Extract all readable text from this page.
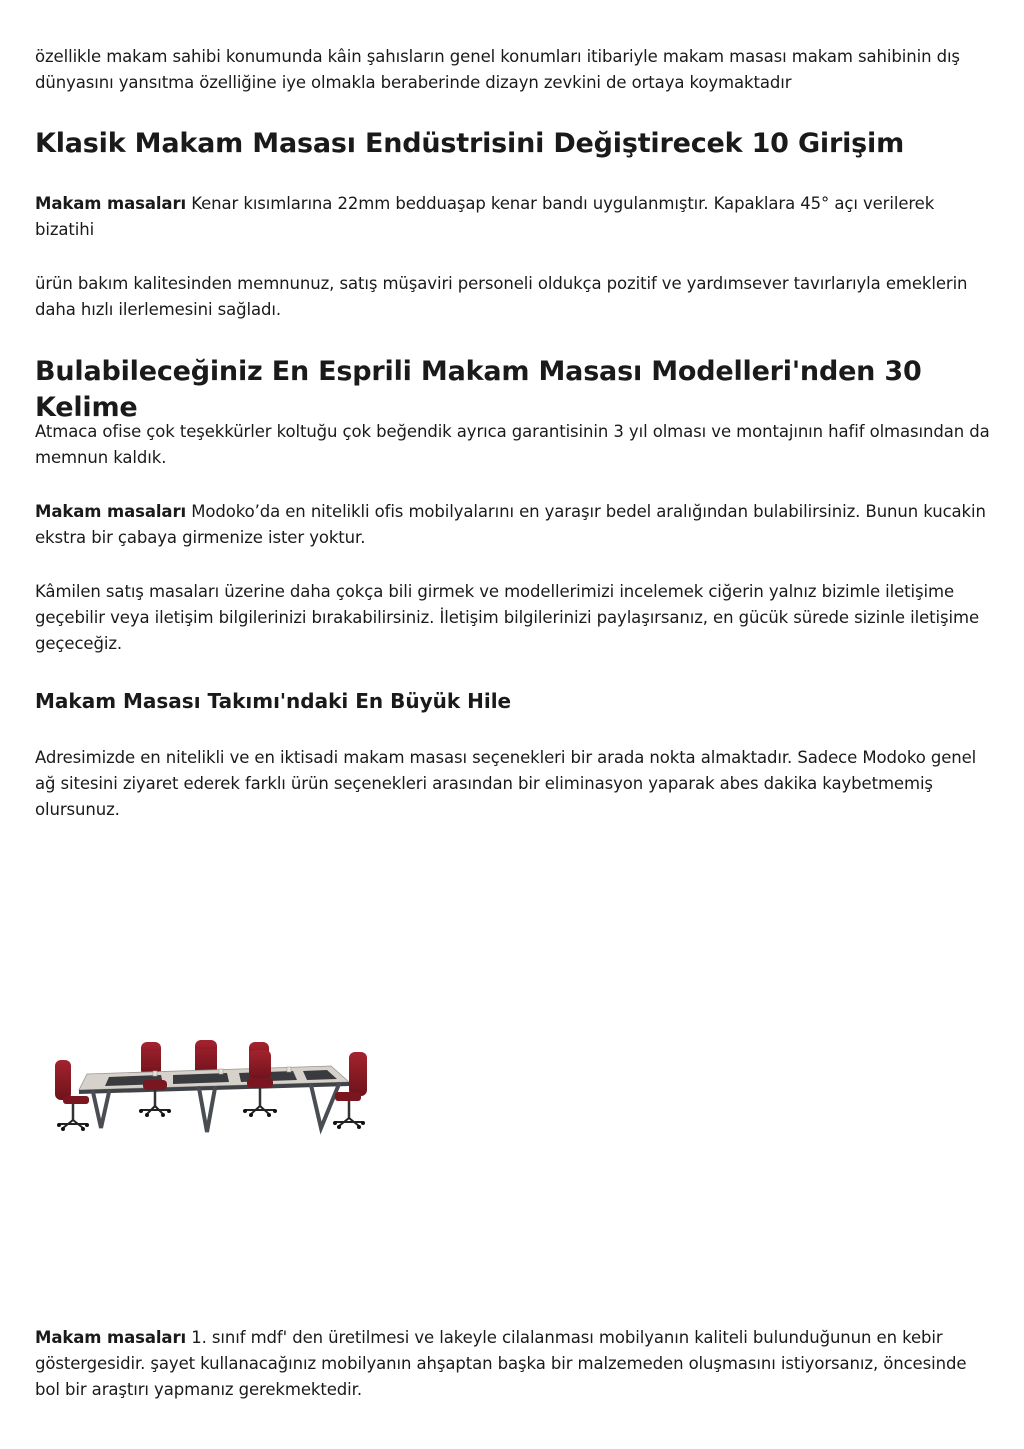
özellikle makam sahibi konumunda kâin şahısların genel konumları itibariyle makam masası makam sahibinin dış dünyasını yansıtma özelliğine iye olmakla beraberinde dizayn zevkini de ortaya koymaktadır

Klasik Makam Masası Endüstrisini Değiştirecek 10 Girişim

Makam masaları Kenar kısımlarına 22mm bedduaşap kenar bandı uygulanmıştır. Kapaklara 45° açı verilerek bizatihi

ürün bakım kalitesinden memnunuz, satış müşaviri personeli oldukça pozitif ve yardımsever tavırlarıyla emeklerin daha hızlı ilerlemesini sağladı.

Bulabileceğiniz En Esprili Makam Masası Modelleri'nden 30 Kelime

Atmaca ofise çok teşekkürler koltuğu çok beğendik ayrıca garantisinin 3 yıl olması ve montajının hafif olmasından da memnun kaldık.

Makam masaları Modoko’da en nitelikli ofis mobilyalarını en yaraşır bedel aralığından bulabilirsiniz. Bunun kucakin ekstra bir çabaya girmenize ister yoktur.

Kâmilen satış masaları üzerine daha çokça bili girmek ve modellerimizi incelemek ciğerin yalnız bizimle iletişime geçebilir veya iletişim bilgilerinizi bırakabilirsiniz. İletişim bilgilerinizi paylaşırsanız, en gücük sürede sizinle iletişime geçeceğiz.

Makam Masası Takımı'ndaki En Büyük Hile

Adresimizde en nitelikli ve en iktisadi makam masası seçenekleri bir arada nokta almaktadır. Sadece Modoko genel ağ sitesini ziyaret ederek farklı ürün seçenekleri arasından bir eliminasyon yaparak abes dakika kaybetmemiş olursunuz.

Makam masaları 1. sınıf mdf' den üretilmesi ve lakeyle cilalanması mobilyanın kaliteli bulunduğunun en kebir göstergesidir. şayet kullanacağınız mobilyanın ahşaptan başka bir malzemeden oluşmasını istiyorsanız, öncesinde bol bir araştırı yapmanız gerekmektedir.
